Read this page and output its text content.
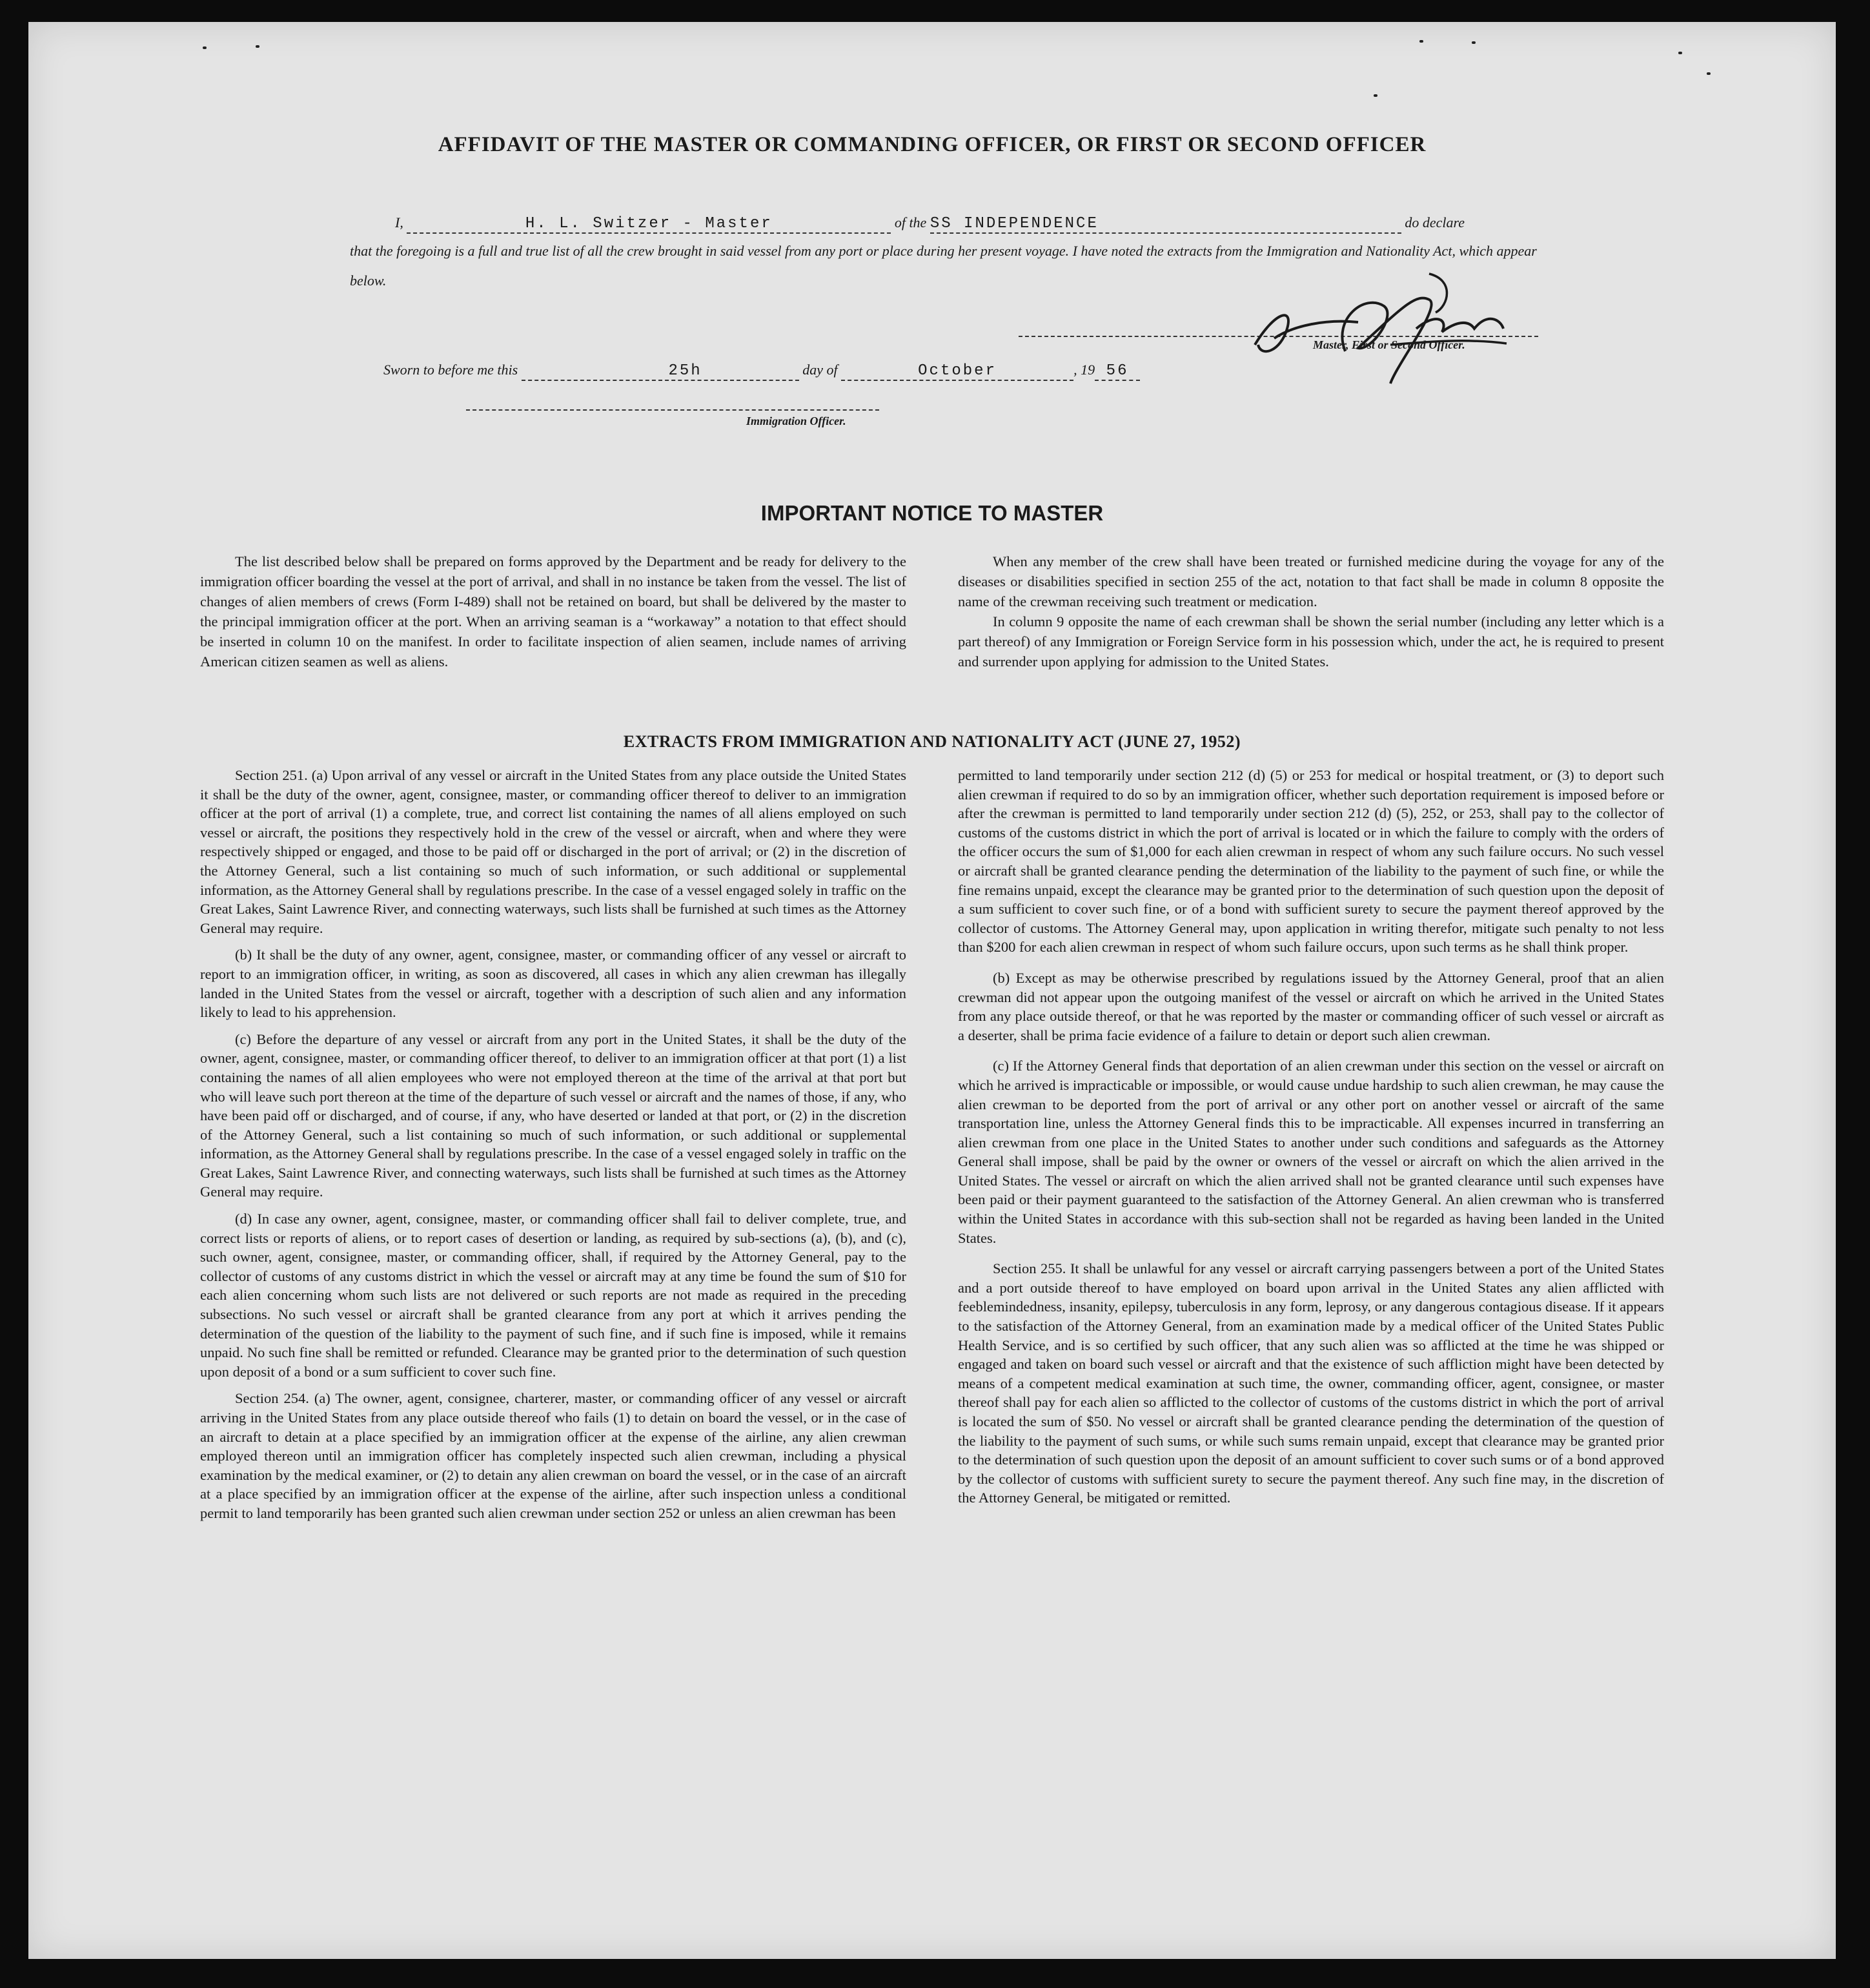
AFFIDAVIT OF THE MASTER OR COMMANDING OFFICER, OR FIRST OR SECOND OFFICER
I,	H. L. Switzer - Master	of the SS INDEPENDENCE	do declare
that the foregoing is a full and true list of all the crew brought in said vessel from any port or place during her present voyage. I have noted the extracts from the Immigration and Nationality Act, which appear below.
Master, First or Second Officer.
Sworn to before me this	25h	day of	October	, 19 56
Immigration Officer.
IMPORTANT NOTICE TO MASTER

The list described below shall be prepared on forms approved by the Department and be ready for delivery to the immigration officer boarding the vessel at the port of arrival, and shall in no instance be taken from the vessel. The list of changes of alien members of crews (Form I-489) shall not be retained on board, but shall be delivered by the master to the principal immigration officer at the port. When an arriving seaman is a “workaway” a notation to that effect should be inserted in column 10 on the manifest. In order to facilitate inspection of alien seamen, include names of arriving American citizen seamen as well as aliens.

When any member of the crew shall have been treated or furnished medicine during the voyage for any of the diseases or disabilities specified in section 255 of the act, notation to that fact shall be made in column 8 opposite the name of the crewman receiving such treatment or medication.

In column 9 opposite the name of each crewman shall be shown the serial number (including any letter which is a part thereof) of any Immigration or Foreign Service form in his possession which, under the act, he is required to present and surrender upon applying for admission to the United States.

EXTRACTS FROM IMMIGRATION AND NATIONALITY ACT (JUNE 27, 1952)

Section 251. (a) Upon arrival of any vessel or aircraft in the United States from any place outside the United States it shall be the duty of the owner, agent, consignee, master, or commanding officer thereof to deliver to an immigration officer at the port of arrival (1) a complete, true, and correct list containing the names of all aliens employed on such vessel or aircraft, the positions they respectively hold in the crew of the vessel or aircraft, when and where they were respectively shipped or engaged, and those to be paid off or discharged in the port of arrival; or (2) in the discretion of the Attorney General, such a list containing so much of such information, or such additional or supplemental information, as the Attorney General shall by regulations prescribe. In the case of a vessel engaged solely in traffic on the Great Lakes, Saint Lawrence River, and connecting waterways, such lists shall be furnished at such times as the Attorney General may require.

(b) It shall be the duty of any owner, agent, consignee, master, or commanding officer of any vessel or aircraft to report to an immigration officer, in writing, as soon as discovered, all cases in which any alien crewman has illegally landed in the United States from the vessel or aircraft, together with a description of such alien and any information likely to lead to his apprehension.

(c) Before the departure of any vessel or aircraft from any port in the United States, it shall be the duty of the owner, agent, consignee, master, or commanding officer thereof, to deliver to an immigration officer at that port (1) a list containing the names of all alien employees who were not employed thereon at the time of the arrival at that port but who will leave such port thereon at the time of the departure of such vessel or aircraft and the names of those, if any, who have been paid off or discharged, and of course, if any, who have deserted or landed at that port, or (2) in the discretion of the Attorney General, such a list containing so much of such information, or such additional or supplemental information, as the Attorney General shall by regulations prescribe. In the case of a vessel engaged solely in traffic on the Great Lakes, Saint Lawrence River, and connecting waterways, such lists shall be furnished at such times as the Attorney General may require.

(d) In case any owner, agent, consignee, master, or commanding officer shall fail to deliver complete, true, and correct lists or reports of aliens, or to report cases of desertion or landing, as required by sub-sections (a), (b), and (c), such owner, agent, consignee, master, or commanding officer, shall, if required by the Attorney General, pay to the collector of customs of any customs district in which the vessel or aircraft may at any time be found the sum of $10 for each alien concerning whom such lists are not delivered or such reports are not made as required in the preceding subsections. No such vessel or aircraft shall be granted clearance from any port at which it arrives pending the determination of the question of the liability to the payment of such fine, and if such fine is imposed, while it remains unpaid. No such fine shall be remitted or refunded. Clearance may be granted prior to the determination of such question upon deposit of a bond or a sum sufficient to cover such fine.

Section 254. (a) The owner, agent, consignee, charterer, master, or commanding officer of any vessel or aircraft arriving in the United States from any place outside thereof who fails (1) to detain on board the vessel, or in the case of an aircraft to detain at a place specified by an immigration officer at the expense of the airline, any alien crewman employed thereon until an immigration officer has completely inspected such alien crewman, including a physical examination by the medical examiner, or (2) to detain any alien crewman on board the vessel, or in the case of an aircraft at a place specified by an immigration officer at the expense of the airline, after such inspection unless a conditional permit to land temporarily has been granted such alien crewman under section 252 or unless an alien crewman has been

permitted to land temporarily under section 212 (d) (5) or 253 for medical or hospital treatment, or (3) to deport such alien crewman if required to do so by an immigration officer, whether such deportation requirement is imposed before or after the crewman is permitted to land temporarily under section 212 (d) (5), 252, or 253, shall pay to the collector of customs of the customs district in which the port of arrival is located or in which the failure to comply with the orders of the officer occurs the sum of $1,000 for each alien crewman in respect of whom any such failure occurs. No such vessel or aircraft shall be granted clearance pending the determination of the liability to the payment of such fine, or while the fine remains unpaid, except the clearance may be granted prior to the determination of such question upon the deposit of a sum sufficient to cover such fine, or of a bond with sufficient surety to secure the payment thereof approved by the collector of customs. The Attorney General may, upon application in writing therefor, mitigate such penalty to not less than $200 for each alien crewman in respect of whom such failure occurs, upon such terms as he shall think proper.

(b) Except as may be otherwise prescribed by regulations issued by the Attorney General, proof that an alien crewman did not appear upon the outgoing manifest of the vessel or aircraft on which he arrived in the United States from any place outside thereof, or that he was reported by the master or commanding officer of such vessel or aircraft as a deserter, shall be prima facie evidence of a failure to detain or deport such alien crewman.

(c) If the Attorney General finds that deportation of an alien crewman under this section on the vessel or aircraft on which he arrived is impracticable or impossible, or would cause undue hardship to such alien crewman, he may cause the alien crewman to be deported from the port of arrival or any other port on another vessel or aircraft of the same transportation line, unless the Attorney General finds this to be impracticable. All expenses incurred in transferring an alien crewman from one place in the United States to another under such conditions and safeguards as the Attorney General shall impose, shall be paid by the owner or owners of the vessel or aircraft on which the alien arrived in the United States. The vessel or aircraft on which the alien arrived shall not be granted clearance until such expenses have been paid or their payment guaranteed to the satisfaction of the Attorney General. An alien crewman who is transferred within the United States in accordance with this sub-section shall not be regarded as having been landed in the United States.

Section 255. It shall be unlawful for any vessel or aircraft carrying passengers between a port of the United States and a port outside thereof to have employed on board upon arrival in the United States any alien afflicted with feeblemindedness, insanity, epilepsy, tuberculosis in any form, leprosy, or any dangerous contagious disease. If it appears to the satisfaction of the Attorney General, from an examination made by a medical officer of the United States Public Health Service, and is so certified by such officer, that any such alien was so afflicted at the time he was shipped or engaged and taken on board such vessel or aircraft and that the existence of such affliction might have been detected by means of a competent medical examination at such time, the owner, commanding officer, agent, consignee, or master thereof shall pay for each alien so afflicted to the collector of customs of the customs district in which the port of arrival is located the sum of $50. No vessel or aircraft shall be granted clearance pending the determination of the question of the liability to the payment of such sums, or while such sums remain unpaid, except that clearance may be granted prior to the determination of such question upon the deposit of an amount sufficient to cover such sums or of a bond approved by the collector of customs with sufficient surety to secure the payment thereof. Any such fine may, in the discretion of the Attorney General, be mitigated or remitted.
